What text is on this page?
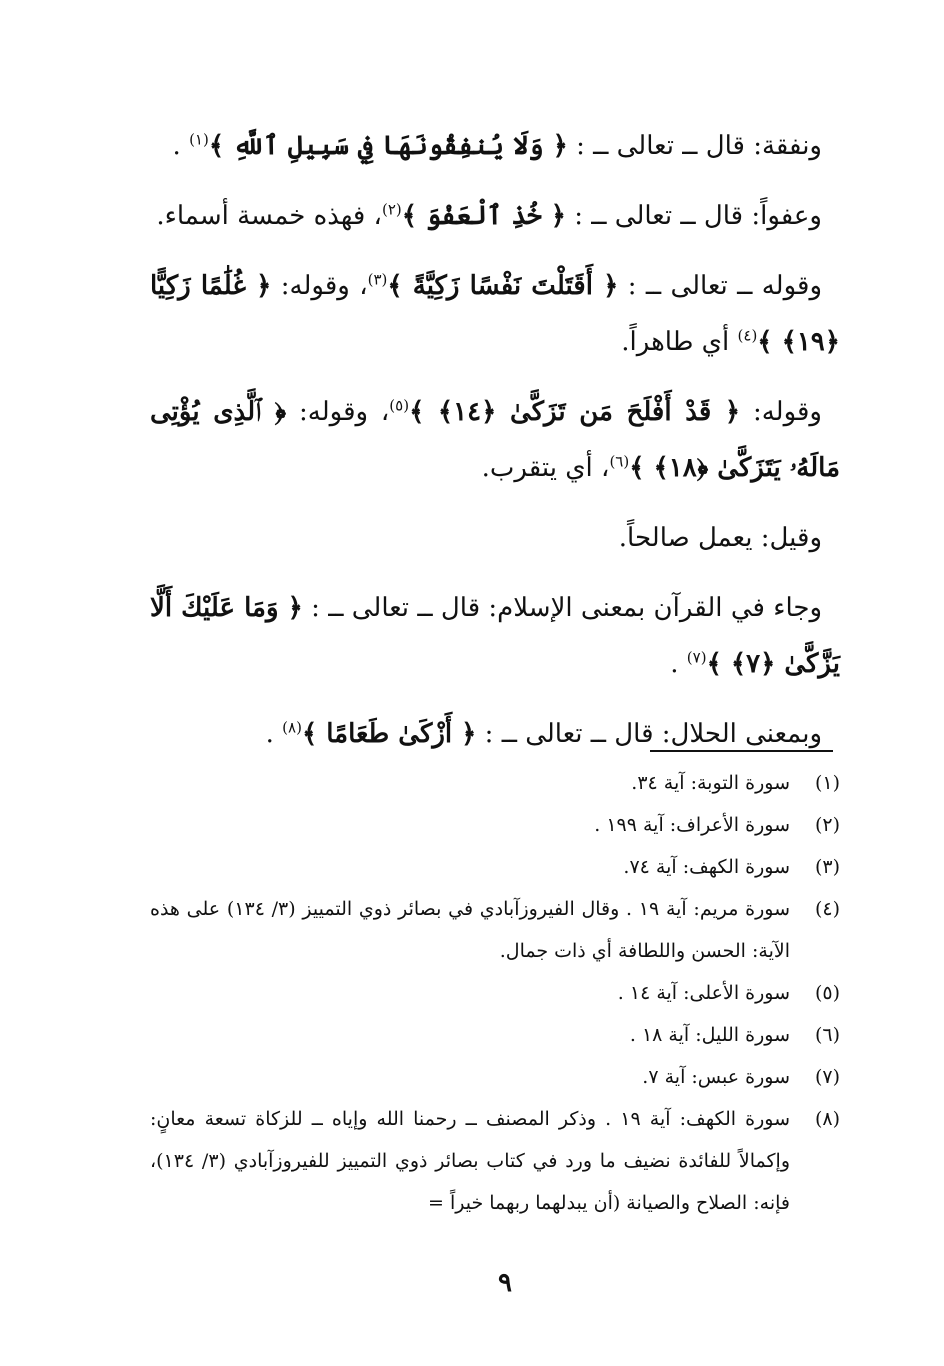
ونفقة: قال ــ تعالى ــ : ﴿ وَلَا يُنفِقُونَهَا فِي سَبِيلِ ٱللَّهِ ﴾$^{(١)}$ .

وعفواً: قال ــ تعالى ــ : ﴿ خُذِ ٱلْعَفْوَ ﴾$^{(٢)}$، فهذه خمسة أسماء.

وقوله ــ تعالى ــ : ﴿ أَقَتَلْتَ نَفْسًا زَكِيَّةً ﴾$^{(٣)}$، وقوله: ﴿ غُلَٰمًا زَكِيًّا ﴿١٩﴾ ﴾$^{(٤)}$ أي طاهراً.

وقوله: ﴿ قَدْ أَفْلَحَ مَن تَزَكَّىٰ ﴿١٤﴾ ﴾$^{(٥)}$، وقوله: ﴿ ٱلَّذِى يُؤْتِى مَالَهُۥ يَتَزَكَّىٰ ﴿١٨﴾ ﴾$^{(٦)}$، أي يتقرب.

وقيل: يعمل صالحاً.

وجاء في القرآن بمعنى الإسلام: قال ــ تعالى ــ : ﴿ وَمَا عَلَيْكَ أَلَّا يَزَّكَّىٰ ﴿٧﴾ ﴾$^{(٧)}$ .

وبمعنى الحلال: قال ــ تعالى ــ : ﴿ أَزْكَىٰ طَعَامًا ﴾$^{(٨)}$ .

(١)
سورة التوبة: آية ٣٤.
(٢)
سورة الأعراف: آية ١٩٩ .
(٣)
سورة الكهف: آية ٧٤.
(٤)
سورة مريم: آية ١٩ . وقال الفيروزآبادي في بصائر ذوي التمييز (٣/ ١٣٤) على هذه الآية: الحسن واللطافة أي ذات جمال.
(٥)
سورة الأعلى: آية ١٤ .
(٦)
سورة الليل: آية ١٨ .
(٧)
سورة عبس: آية ٧.
(٨)
سورة الكهف: آية ١٩ . وذكر المصنف ــ رحمنا الله وإياه ــ للزكاة تسعة معانٍ: وإكمالاً للفائدة نضيف ما ورد في كتاب بصائر ذوي التمييز للفيروزآبادي (٣/ ١٣٤)، فإنه: الصلاح والصيانة (أن يبدلهما ربهما خيراً =
٩
